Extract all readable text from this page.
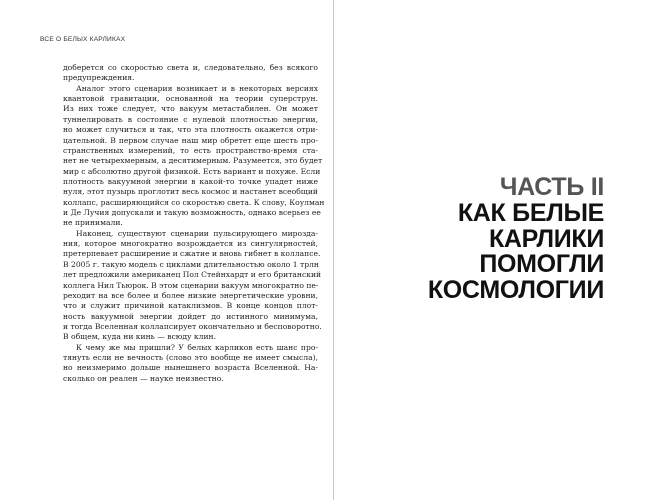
ВСЕ О БЕЛЫХ КАРЛИКАХ
доберется со скоростью света и, следовательно, без всякого
предупреждения.
Аналог этого сценария возникает и в некоторых версиях
квантовой гравитации, основанной на теории суперструн.
Из них тоже следует, что вакуум метастабилен. Он может
туннелировать в состояние с нулевой плотностью энергии,
но может случиться и так, что эта плотность окажется отри-
цательной. В первом случае наш мир обретет еще шесть про-
странственных измерений, то есть пространство-время ста-
нет не четырехмерным, а десятимерным. Разумеется, это будет
мир с абсолютно другой физикой. Есть вариант и похуже. Если
плотность вакуумной энергии в какой-то точке упадет ниже
нуля, этот пузырь проглотит весь космос и настанет всеобщий
коллапс, расширяющийся со скоростью света. К слову, Коулман
и Де Лучия допускали и такую возможность, однако всерьез ее
не принимали.
Наконец, существуют сценарии пульсирующего мирозда-
ния, которое многократно возрождается из сингулярностей,
претерпевает расширение и сжатие и вновь гибнет в коллапсе.
В 2005 г. такую модель с циклами длительностью около 1 трлн
лет предложили американец Пол Стейнхардт и его британский
коллега Нил Тьюрок. В этом сценарии вакуум многократно пе-
реходит на все более и более низкие энергетические уровни,
что и служит причиной катаклизмов. В конце концов плот-
ность вакуумной энергии дойдет до истинного минимума,
и тогда Вселенная коллапсирует окончательно и бесповоротно.
В общем, куда ни кинь — всюду клин.
К чему же мы пришли? У белых карликов есть шанс про-
тянуть если не вечность (слово это вообще не имеет смысла),
но неизмеримо дольше нынешнего возраста Вселенной. На-
сколько он реален — науке неизвестно.
ЧАСТЬ II
КАК БЕЛЫЕ
КАРЛИКИ
ПОМОГЛИ
КОСМОЛОГИИ
